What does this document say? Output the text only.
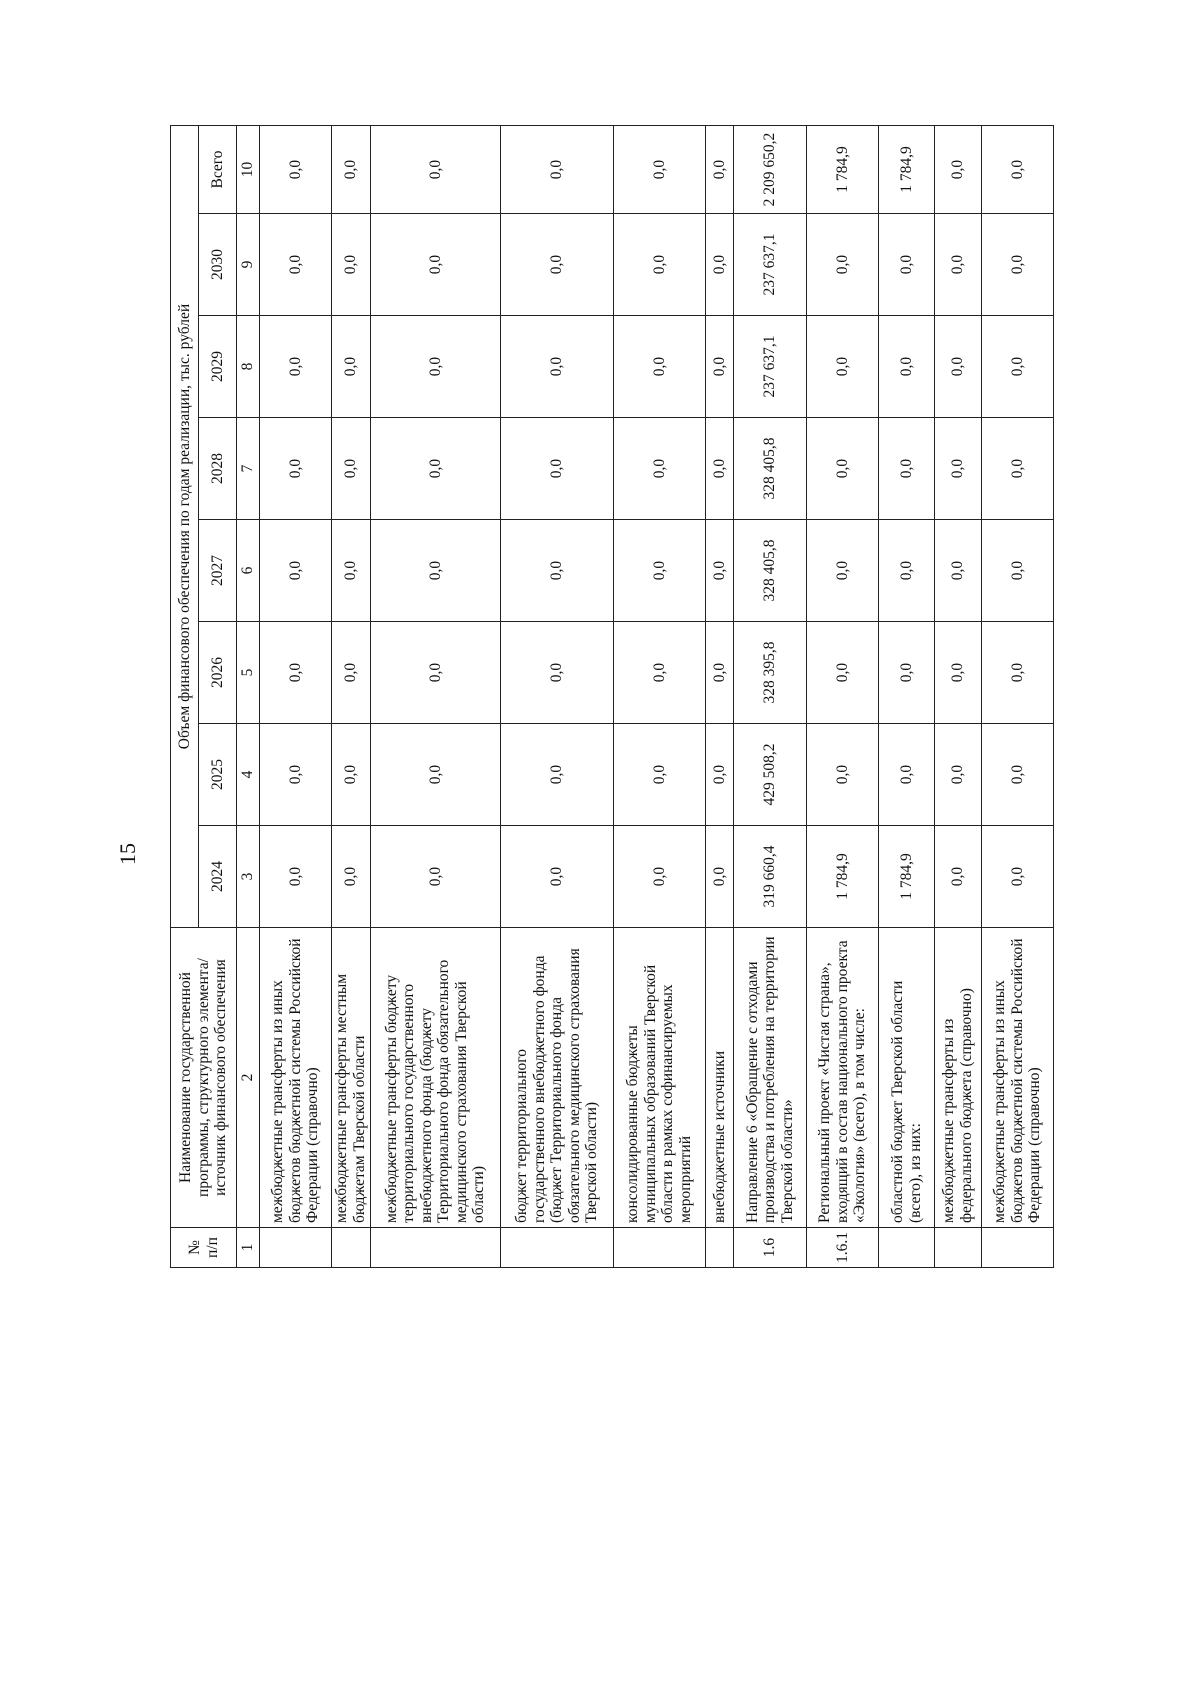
15
№ п/п	Наименование государственной программы, структурного элемента/источник финансового обеспечения	Объем финансового обеспечения по годам реализации, тыс. рублей							
		2024	2025	2026	2027	2028	2029	2030	Всего
1	2	3	4	5	6	7	8	9	10
	межбюджетные трансферты из иных бюджетов бюджетной системы Российской Федерации (справочно)	0,0	0,0	0,0	0,0	0,0	0,0	0,0	0,0
	межбюджетные трансферты местным бюджетам Тверской области	0,0	0,0	0,0	0,0	0,0	0,0	0,0	0,0
	межбюджетные трансферты бюджету территориального государственного внебюджетного фонда (бюджету Территориального фонда обязательного медицинского страхования Тверской области)	0,0	0,0	0,0	0,0	0,0	0,0	0,0	0,0
	бюджет территориального государственного внебюджетного фонда (бюджет Территориального фонда обязательного медицинского страхования Тверской области)	0,0	0,0	0,0	0,0	0,0	0,0	0,0	0,0
	консолидированные бюджеты муниципальных образований Тверской области в рамках софинансируемых мероприятий	0,0	0,0	0,0	0,0	0,0	0,0	0,0	0,0
	внебюджетные источники	0,0	0,0	0,0	0,0	0,0	0,0	0,0	0,0
1.6	Направление 6 «Обращение с отходами производства и потребления на территории Тверской области»	319 660,4	429 508,2	328 395,8	328 405,8	328 405,8	237 637,1	237 637,1	2 209 650,2
1.6.1	Региональный проект «Чистая страна», входящий в состав национального проекта «Экология» (всего), в том числе:	1 784,9	0,0	0,0	0,0	0,0	0,0	0,0	1 784,9
	областной бюджет Тверской области (всего), из них:	1 784,9	0,0	0,0	0,0	0,0	0,0	0,0	1 784,9
	межбюджетные трансферты из федерального бюджета (справочно)	0,0	0,0	0,0	0,0	0,0	0,0	0,0	0,0
	межбюджетные трансферты из иных бюджетов бюджетной системы Российской Федерации (справочно)	0,0	0,0	0,0	0,0	0,0	0,0	0,0	0,0
